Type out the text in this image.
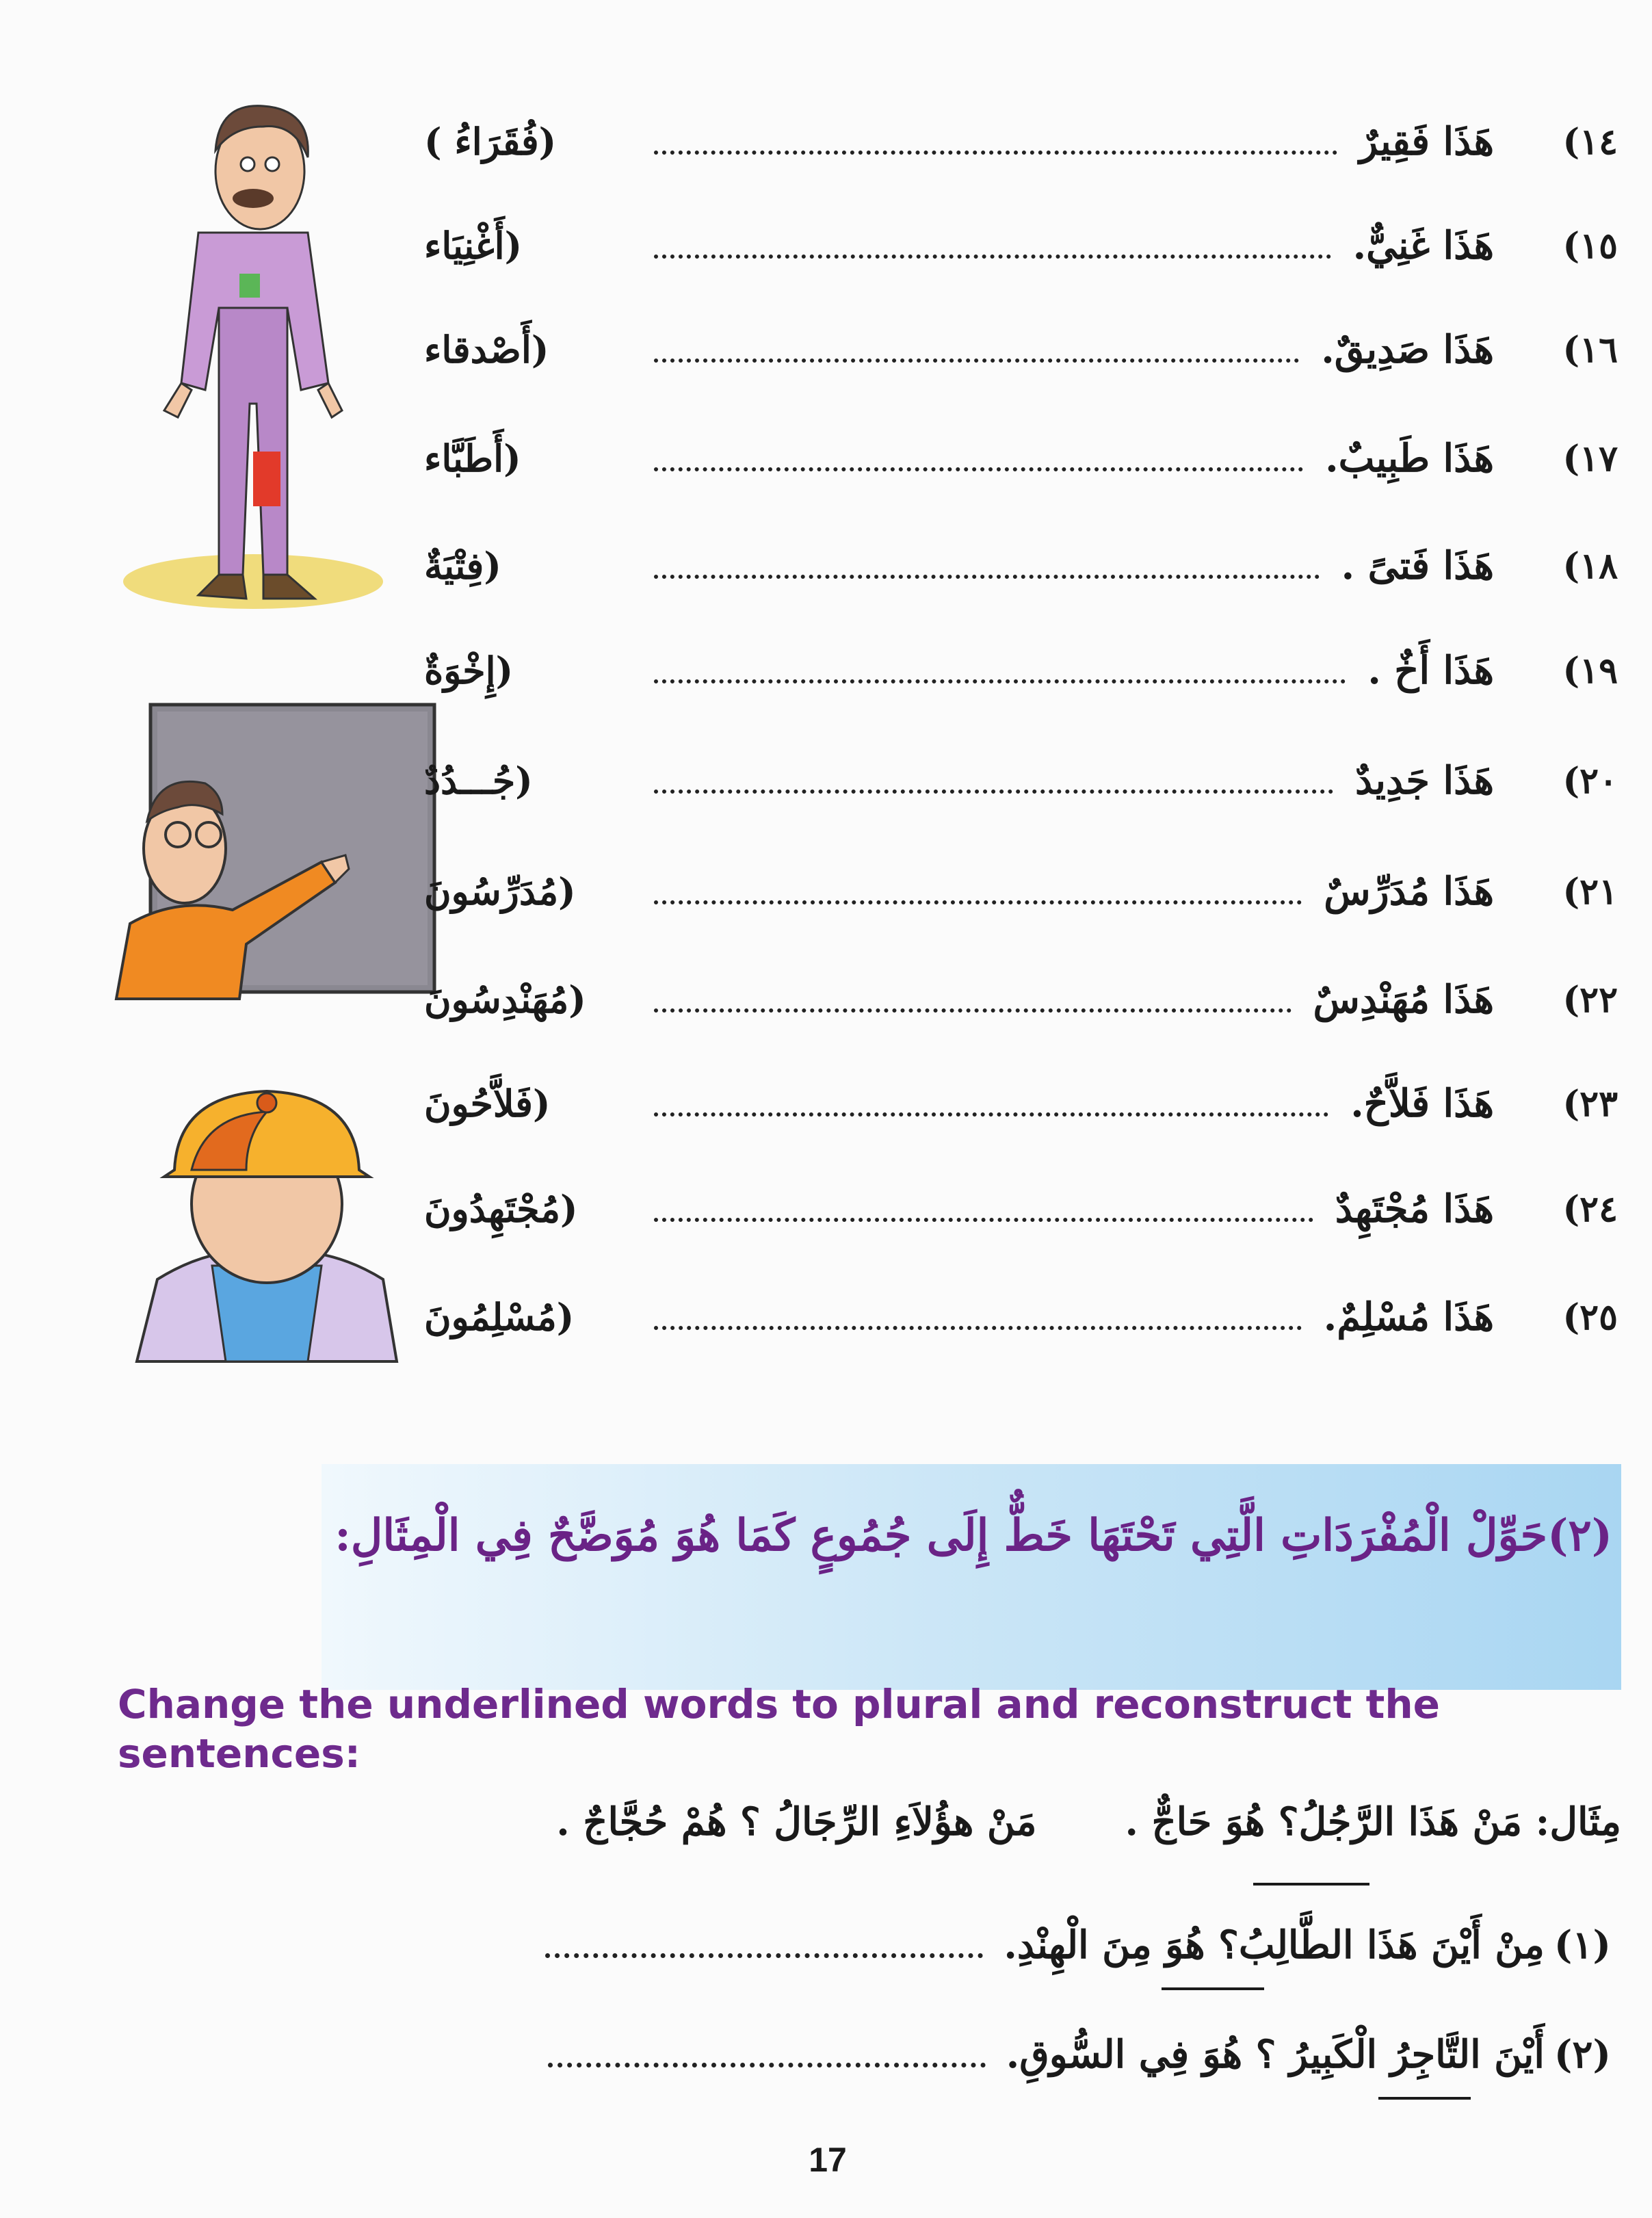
(١٤
هَذَا فَقِيرٌ
(فُقَرَاءُ )
(١٥
هَذَا غَنِيٌّ.
(أَغْنِيَاء
(١٦
هَذَا صَدِيقٌ.
(أَصْدقاء
(١٧
هَذَا طَبِيبٌ.
(أَطَبَّاء
(١٨
هَذَا فَتىً .
(فِتْيَةٌ
(١٩
هَذَا أَخٌ .
(إِخْوَةٌ
(٢٠
هَذَا جَدِيدٌ
(جُـــدُدٌ
(٢١
هَذَا مُدَرِّسٌ
(مُدَرِّسُونَ
(٢٢
هَذَا مُهَنْدِسٌ
(مُهَنْدِسُونَ
(٢٣
هَذَا فَلاَّحٌ.
(فَلاَّحُونَ
(٢٤
هَذَا مُجْتَهِدٌ
(مُجْتَهِدُونَ
(٢٥
هَذَا مُسْلِمٌ.
(مُسْلِمُونَ
(٢)حَوِّلْ الْمُفْرَدَاتِ الَّتِي تَحْتَهَا خَطٌّ إِلَى جُمُوعٍ كَمَا هُوَ مُوَضَّحٌ فِي الْمِثَالِ:
Change the underlined words to plural and reconstruct the sentences:
مِثَال: مَنْ هَذَا الرَّجُلُ؟ هُوَ حَاجٌّ .  مَنْ هؤُلاَءِ الرِّجَالُ ؟ هُمْ حُجَّاجٌ .
(١)
مِنْ أَيْنَ هَذَا الطَّالِبُ؟ هُوَ مِنَ الْهِنْدِ.
(٢)
أَيْنَ التَّاجِرُ الْكَبِيرُ ؟ هُوَ فِي السُّوقِ.
17
